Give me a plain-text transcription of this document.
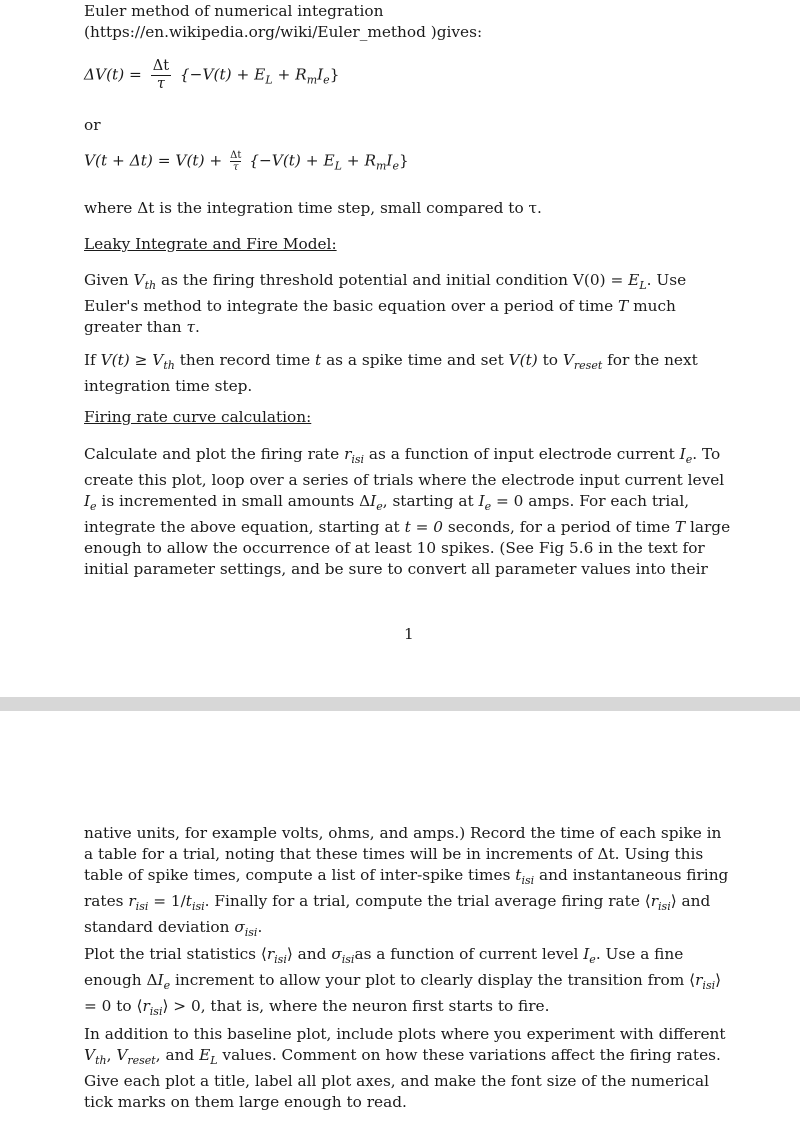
Euler method of numerical integration
(https://en.wikipedia.org/wiki/Euler_method )gives:

$\Delta V(t) = \frac{\Delta t}{\tau} \{-V(t) + E_L + R_mI_e\}$

or

$V(t + \Delta t) = V(t) + \frac{\Delta t}{\tau} \{-V(t) + E_L + R_mI_e\}$

where Δt is the integration time step, small compared to τ.

Leaky Integrate and Fire Model:

Given $V_{th}$ as the firing threshold potential and initial condition $V(0) = E_L$. Use Euler's method to integrate the basic equation over a period of time T much greater than τ.

If $V(t) \ge V_{th}$ then record time t as a spike time and set V(t) to $V_{reset}$ for the next integration time step.

Firing rate curve calculation:

Calculate and plot the firing rate $r_{isi}$ as a function of input electrode current $I_e$. To create this plot, loop over a series of trials where the electrode input current level $I_e$ is incremented in small amounts $\Delta I_e$, starting at $I_e = 0$ amps. For each trial, integrate the above equation, starting at t = 0 seconds, for a period of time T large enough to allow the occurrence of at least 10 spikes. (See Fig 5.6 in the text for initial parameter settings, and be sure to convert all parameter values into their

1

native units, for example volts, ohms, and amps.) Record the time of each spike in a table for a trial, noting that these times will be in increments of Δt. Using this table of spike times, compute a list of inter-spike times $t_{isi}$ and instantaneous firing rates $r_{isi} = 1/t_{isi}$. Finally for a trial, compute the trial average firing rate $⟨r_{isi}⟩$ and standard deviation $\sigma_{isi}$.

Plot the trial statistics $⟨r_{isi}⟩$ and $\sigma_{isi}as$ a function of current level $I_e$. Use a fine enough $\Delta I_e$ increment to allow your plot to clearly display the transition from $⟨r_{isi}⟩ = 0$ to $⟨r_{isi}⟩ > 0$, that is, where the neuron first starts to fire.

In addition to this baseline plot, include plots where you experiment with different $V_{th}$, $V_{reset}$, and $E_L$ values. Comment on how these variations affect the firing rates. Give each plot a title, label all plot axes, and make the font size of the numerical tick marks on them large enough to read.
